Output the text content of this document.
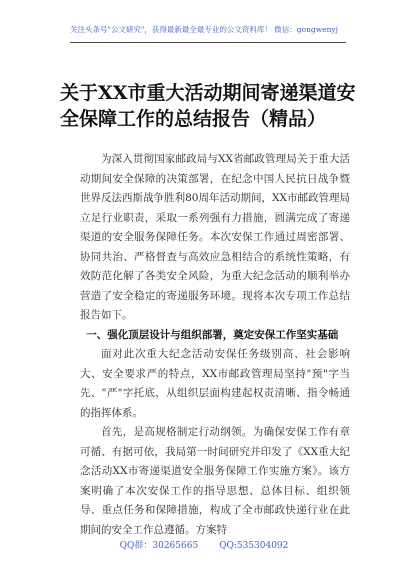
关注头条号"公文研究"，获得最新最全最专业的公文资料库！ 微信：gongwenyj
关于XX市重大活动期间寄递渠道安
全保障工作的总结报告（精品）

为深入贯彻国家邮政局与XX省邮政管理局关于重大活动期间安全保障的决策部署，在纪念中国人民抗日战争暨世界反法西斯战争胜利80周年活动期间，XX市邮政管理局立足行业职责，采取一系列强有力措施，圆满完成了寄递渠道的安全服务保障任务。本次安保工作通过周密部署、协同共治、严格督查与高效应急相结合的系统性策略，有效防范化解了各类安全风险，为重大纪念活动的顺利举办营造了安全稳定的寄递服务环境。现将本次专项工作总结报告如下。

一、强化顶层设计与组织部署，奠定安保工作坚实基础

面对此次重大纪念活动安保任务级别高、社会影响大、安全要求严的特点，XX市邮政管理局坚持"预"字当先、"严"字托底，从组织层面构建起权责清晰、指令畅通的指挥体系。

首先，是高规格制定行动纲领。为确保安保工作有章可循、有据可依，我局第一时间研究并印发了《XX重大纪念活动XX市寄递渠道安全服务保障工作实施方案》。该方案明确了本次安保工作的指导思想、总体目标、组织领导、重点任务和保障措施，构成了全市邮政快递行业在此期间的安全工作总遵循。方案特

QQ群：30265665 QQ:535304092
